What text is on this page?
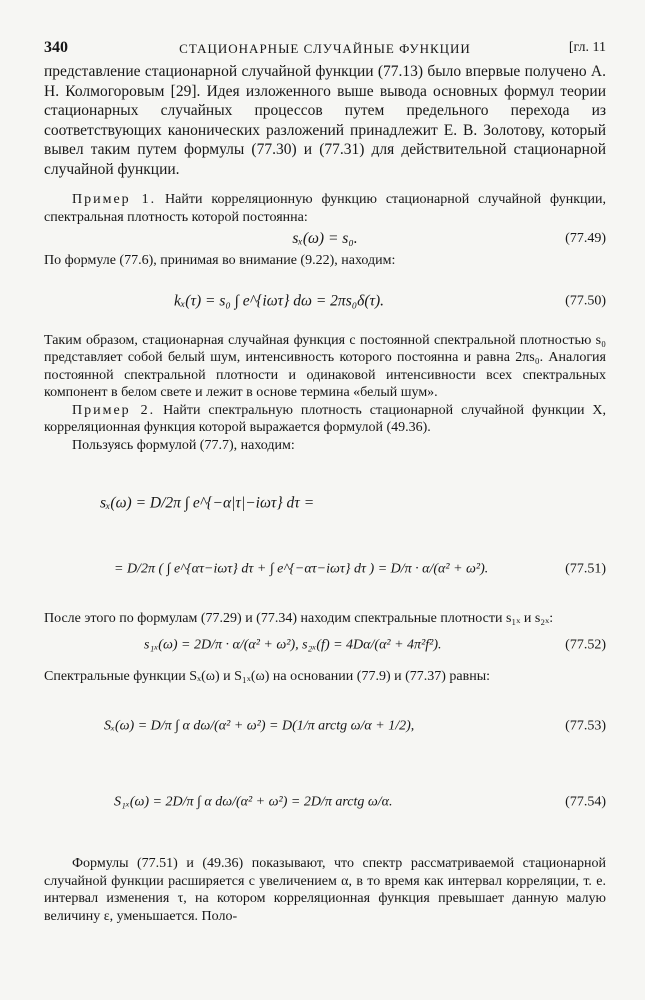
340	СТАЦИОНАРНЫЕ СЛУЧАЙНЫЕ ФУНКЦИИ	[гл. 11

представление стационарной случайной функции (77.13) было впервые получено А. Н. Колмогоровым [29]. Идея изложенного выше вывода основных формул теории стационарных случайных процессов путем предельного перехода из соответствующих канонических разложений принадлежит Е. В. Золотову, который вывел таким путем формулы (77.30) и (77.31) для действительной стационарной случайной функции.

Пример 1. Найти корреляционную функцию стационарной случайной функции, спектральная плотность которой постоянна:

sₓ(ω) = s₀.	(77.49)

По формуле (77.6), принимая во внимание (9.22), находим:

kₓ(τ) = s₀ ∫ e^{iωτ} dω = 2πs₀δ(τ).	(77.50)

Таким образом, стационарная случайная функция с постоянной спектральной плотностью s₀ представляет собой белый шум, интенсивность которого постоянна и равна 2πs₀. Аналогия постоянной спектральной плотности и одинаковой интенсивности всех спектральных компонент в белом свете и лежит в основе термина «белый шум».

Пример 2. Найти спектральную плотность стационарной случайной функции X, корреляционная функция которой выражается формулой (49.36).

Пользуясь формулой (77.7), находим:

sₓ(ω) = D/2π ∫ e^{−α|τ|−iωτ} dτ =
= D/2π ( ∫ e^{ατ−iωτ} dτ + ∫ e^{−ατ−iωτ} dτ ) = D/π · α/(α² + ω²).	(77.51)

После этого по формулам (77.29) и (77.34) находим спектральные плотности s₁ₓ и s₂ₓ:

s₁ₓ(ω) = 2D/π · α/(α² + ω²), s₂ₓ(f) = 4Dα/(α² + 4π²f²).	(77.52)

Спектральные функции Sₓ(ω) и S₁ₓ(ω) на основании (77.9) и (77.37) равны:

Sₓ(ω) = D/π ∫ α dω/(α² + ω²) = D(1/π arctg ω/α + 1/2),	(77.53)
S₁ₓ(ω) = 2D/π ∫ α dω/(α² + ω²) = 2D/π arctg ω/α.	(77.54)

Формулы (77.51) и (49.36) показывают, что спектр рассматриваемой стационарной случайной функции расширяется с увеличением α, в то время как интервал корреляции, т. е. интервал изменения τ, на котором корреляционная функция превышает данную малую величину ε, уменьшается. Поло-
